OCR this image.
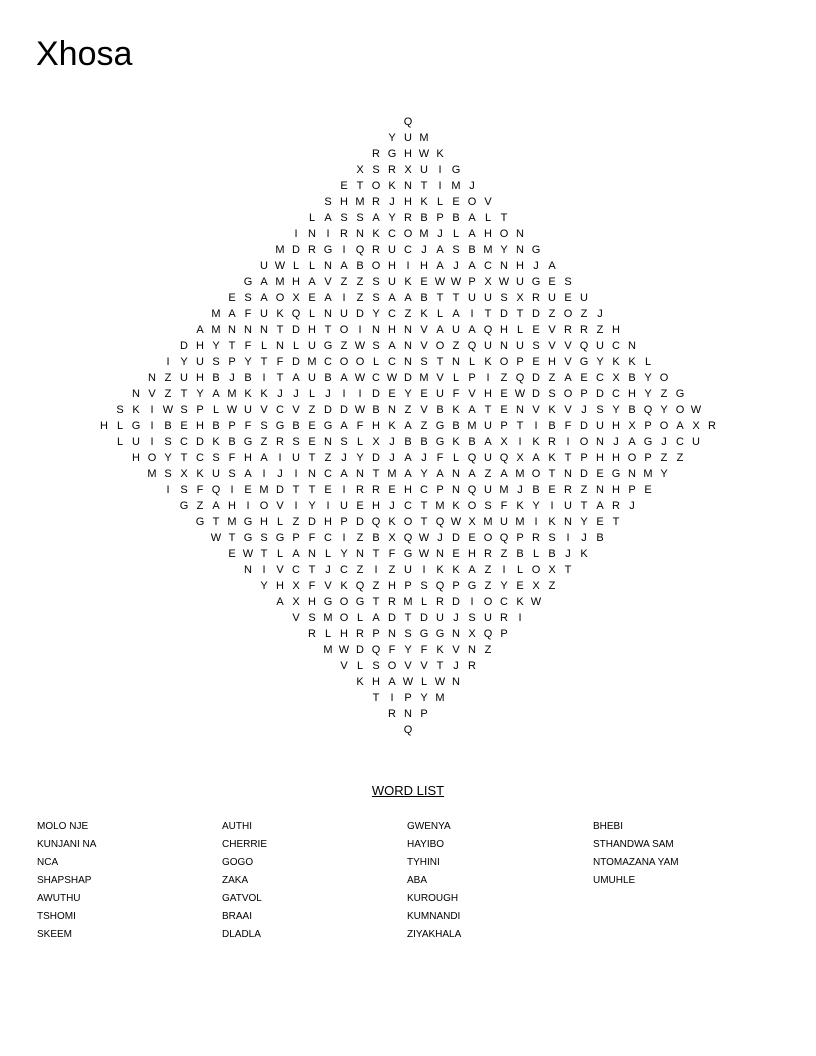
Xhosa
Q
Y U M
R G H W K
X S R X U I G
E T O K N T	I M J
S H M R J H K L E O V
L A S S A Y R B P B A L T
I N I R N K C O M J L A H O N
M D R G I Q R U C J A S B M Y N G
U W L L N A B O H I H A J A C N H J A
G A M H A V Z Z S U K E W W P X W U G E S
E S A O X E A I	Z S A A B T T U U S X R U E U
M A F U K Q L N U D Y C Z K L A I	T D T D Z O Z J
A M N N N T D H T O I N H N V A U A Q H L E V R R Z H
D H Y T F L N L U G Z W S A N V O Z Q U N U S V V Q U C N
I Y U S P Y T F D M C O O L C N S T N L K O P E H V G Y K K L
N Z U H B J B I	T A U B A W C W D M V L P I	Z Q D Z A E C X B Y O
N V Z T Y A M K K J J L J	I	I D E Y E U F V H E W D S O P D C H Y Z G
S K I W S P L W U V C V Z D D W B N Z V B K A T E N V K V J S Y B Q Y O W
H L G I B E H B P F S G B E G A F H K A Z G B M U P T	I B F D U H X P O A X R
L U I S C D K B G Z R S E N S L X J B B G K B A X I K R I O N J A G J C U
H O Y T C S F H A I U T Z J Y D J A J F L Q U Q X A K T P H H O P Z Z
M S X K U S A I	J	I N C A N T M A Y A N A Z A M O T N D E G N M Y
I S F Q I E M D T T E I R R E H C P N Q U M J B E R Z N H P E
G Z A H I O V I Y I U E H J C T M K O S F K Y I U T A R J
G T M G H L Z D H P D Q K O T Q W X M U M I K N Y E T
W T G S G P F C I	Z B X Q W J D E O Q P R S I	J B
E W T L A N L Y N T F G W N E H R Z B L B J K
N I V C T J C Z	I	Z U I K K A Z	I	L O X T
Y H X F V K Q Z H P S Q P G Z Y E X Z
A X H G O G T R M L R D I O C K W
V S M O L A D T D U J S U R I
R L H R P N S G G N X Q P
M W D Q F Y F K V N Z
V L S O V V T J R
K H A W L W N
T	I P Y M
R N P
Q
WORD LIST
MOLO NJE
KUNJANI NA
NCA
SHAPSHAP
AWUTHU
TSHOMI
SKEEM
AUTHI
CHERRIE
GOGO
ZAKA
GATVOL
BRAAI
DLADLA
GWENYA
HAYIBO
TYHINI
ABA
KUROUGH
KUMNANDI
ZIYAKHALA
BHEBI
STHANDWA SAM
NTOMAZANA YAM
UMUHLE
